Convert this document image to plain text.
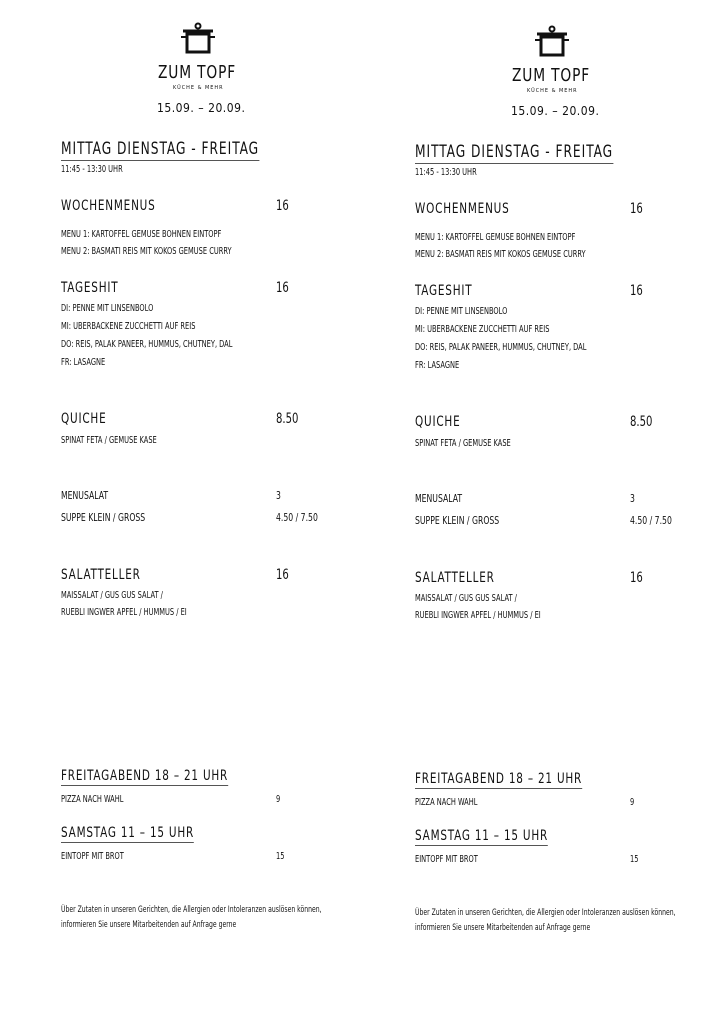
ZUM TOPF
KÜCHE & MEHR
15.09. – 20.09.
MITTAG DIENSTAG - FREITAG
11:45 - 13:30 UHR
WOCHENMENUS	16
MENU 1: KARTOFFEL GEMÜSE BOHNEN EINTOPF
MENU 2: BASMATI REIS MIT KOKOS GEMÜSE CURRY
TAGESHIT	16
DI: PENNE MIT LINSENBOLO
MI: ÜBERBACKENE ZUCCHETTI AUF REIS
DO: REIS, PALAK PANEER, HUMMUS, CHUTNEY, DAL
FR: LASAGNE
QUICHE	8.50
SPINAT FETA / GEMÜSE KÄSE
MENUSALAT	3
SUPPE KLEIN / GROSS	4.50 / 7.50
SALATTELLER	16
MAISSALAT / GUS GUS SALAT /
RÜEBLI INGWER APFEL / HUMMUS / EI
FREITAGABEND 18 – 21 UHR
PIZZA NACH WAHL	9
SAMSTAG 11 – 15 UHR
EINTOPF MIT BROT	15
Über Zutaten in unseren Gerichten, die Allergien oder Intoleranzen auslösen können, informieren Sie unsere Mitarbeitenden auf Anfrage gerne
ZUM TOPF
KÜCHE & MEHR
15.09. – 20.09.
MITTAG DIENSTAG - FREITAG
11:45 - 13:30 UHR
WOCHENMENUS	16
MENU 1: KARTOFFEL GEMÜSE BOHNEN EINTOPF
MENU 2: BASMATI REIS MIT KOKOS GEMÜSE CURRY
TAGESHIT	16
DI: PENNE MIT LINSENBOLO
MI: ÜBERBACKENE ZUCCHETTI AUF REIS
DO: REIS, PALAK PANEER, HUMMUS, CHUTNEY, DAL
FR: LASAGNE
QUICHE	8.50
SPINAT FETA / GEMÜSE KÄSE
MENUSALAT	3
SUPPE KLEIN / GROSS	4.50 / 7.50
SALATTELLER	16
MAISSALAT / GUS GUS SALAT /
RÜEBLI INGWER APFEL / HUMMUS / EI
FREITAGABEND 18 – 21 UHR
PIZZA NACH WAHL	9
SAMSTAG 11 – 15 UHR
EINTOPF MIT BROT	15
Über Zutaten in unseren Gerichten, die Allergien oder Intoleranzen auslösen können, informieren Sie unsere Mitarbeitenden auf Anfrage gerne
